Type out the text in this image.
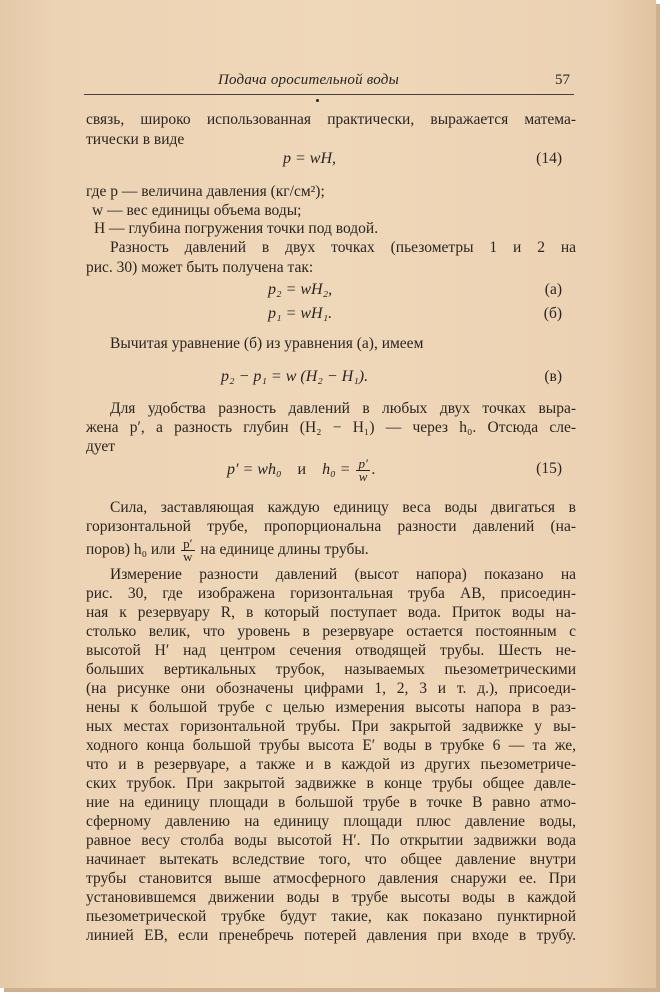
Подача оросительной воды	57
связь, широко использованная практически, выражается матема-
тически в виде
p = wH,	(14)
где p — величина давления (кг/см²);
w — вес единицы объема воды;
H — глубина погружения точки под водой.
Разность давлений в двух точках (пьезометры 1 и 2 на
рис. 30) может быть получена так:
p₂ = wH₂,	(а)
p₁ = wH₁.	(б)
Вычитая уравнение (б) из уравнения (а), имеем
p₂ − p₁ = w (H₂ − H₁).	(в)
Для удобства разность давлений в любых двух точках выра-
жена p′, а разность глубин (H₂ − H₁) — через h₀. Отсюда сле-
дует
p′ = wh₀ и $h_0 = \frac{p'}{w}$ .	(15)
Сила, заставляющая каждую единицу веса воды двигаться в
горизонтальной трубе, пропорциональна разности давлений (на-
поров) h₀ или $\frac{p'}{w}$ на единице длины трубы.
Измерение разности давлений (высот напора) показано на
рис. 30, где изображена горизонтальная труба AB, присоедин-
ная к резервуару R, в который поступает вода. Приток воды на-
столько велик, что уровень в резервуаре остается постоянным с
высотой H′ над центром сечения отводящей трубы. Шесть не-
больших вертикальных трубок, называемых пьезометрическими
(на рисунке они обозначены цифрами 1, 2, 3 и т. д.), присоеди-
нены к большой трубе с целью измерения высоты напора в раз-
ных местах горизонтальной трубы. При закрытой задвижке у вы-
ходного конца большой трубы высота E′ воды в трубке 6 — та же,
что и в резервуаре, а также и в каждой из других пьезометриче-
ских трубок. При закрытой задвижке в конце трубы общее давле-
ние на единицу площади в большой трубе в точке B равно атмо-
сферному давлению на единицу площади плюс давление воды,
равное весу столба воды высотой H′. По открытии задвижки вода
начинает вытекать вследствие того, что общее давление внутри
трубы становится выше атмосферного давления снаружи ее. При
установившемся движении воды в трубе высоты воды в каждой
пьезометрической трубке будут такие, как показано пунктирной
линией EB, если пренебречь потерей давления при входе в трубу.
